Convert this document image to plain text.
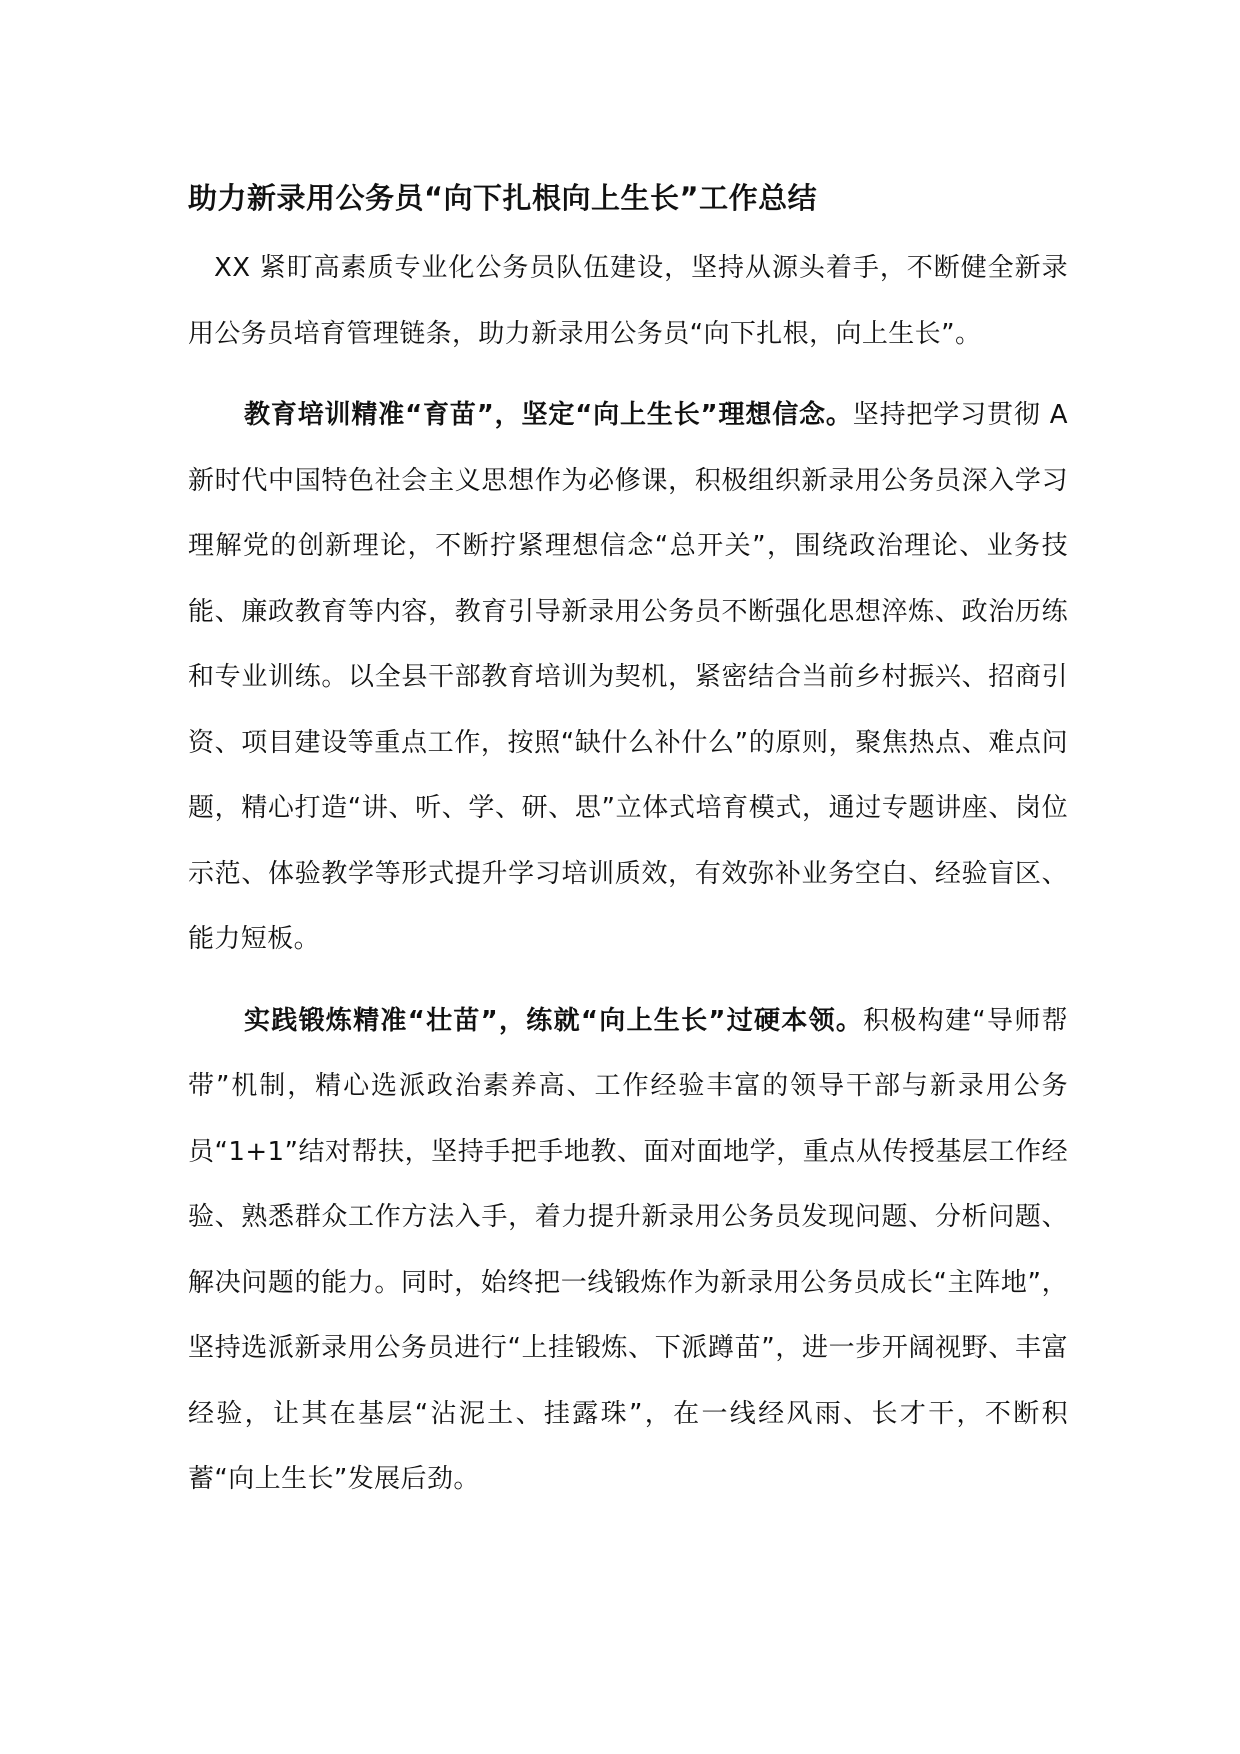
助力新录用公务员“向下扎根向上生长”工作总结

XX 紧盯高素质专业化公务员队伍建设，坚持从源头着手，不断健全新录用公务员培育管理链条，助力新录用公务员“向下扎根，向上生长”。

教育培训精准“育苗”，坚定“向上生长”理想信念。坚持把学习贯彻 A 新时代中国特色社会主义思想作为必修课，积极组织新录用公务员深入学习理解党的创新理论，不断拧紧理想信念“总开关”，围绕政治理论、业务技能、廉政教育等内容，教育引导新录用公务员不断强化思想淬炼、政治历练和专业训练。以全县干部教育培训为契机，紧密结合当前乡村振兴、招商引资、项目建设等重点工作，按照“缺什么补什么”的原则，聚焦热点、难点问题，精心打造“讲、听、学、研、思”立体式培育模式，通过专题讲座、岗位示范、体验教学等形式提升学习培训质效，有效弥补业务空白、经验盲区、能力短板。

实践锻炼精准“壮苗”，练就“向上生长”过硬本领。积极构建“导师帮带”机制，精心选派政治素养高、工作经验丰富的领导干部与新录用公务员“1+1”结对帮扶，坚持手把手地教、面对面地学，重点从传授基层工作经验、熟悉群众工作方法入手，着力提升新录用公务员发现问题、分析问题、解决问题的能力。同时，始终把一线锻炼作为新录用公务员成长“主阵地”，坚持选派新录用公务员进行“上挂锻炼、下派蹲苗”，进一步开阔视野、丰富经验，让其在基层“沾泥土、挂露珠”，在一线经风雨、长才干，不断积蓄“向上生长”发展后劲。
